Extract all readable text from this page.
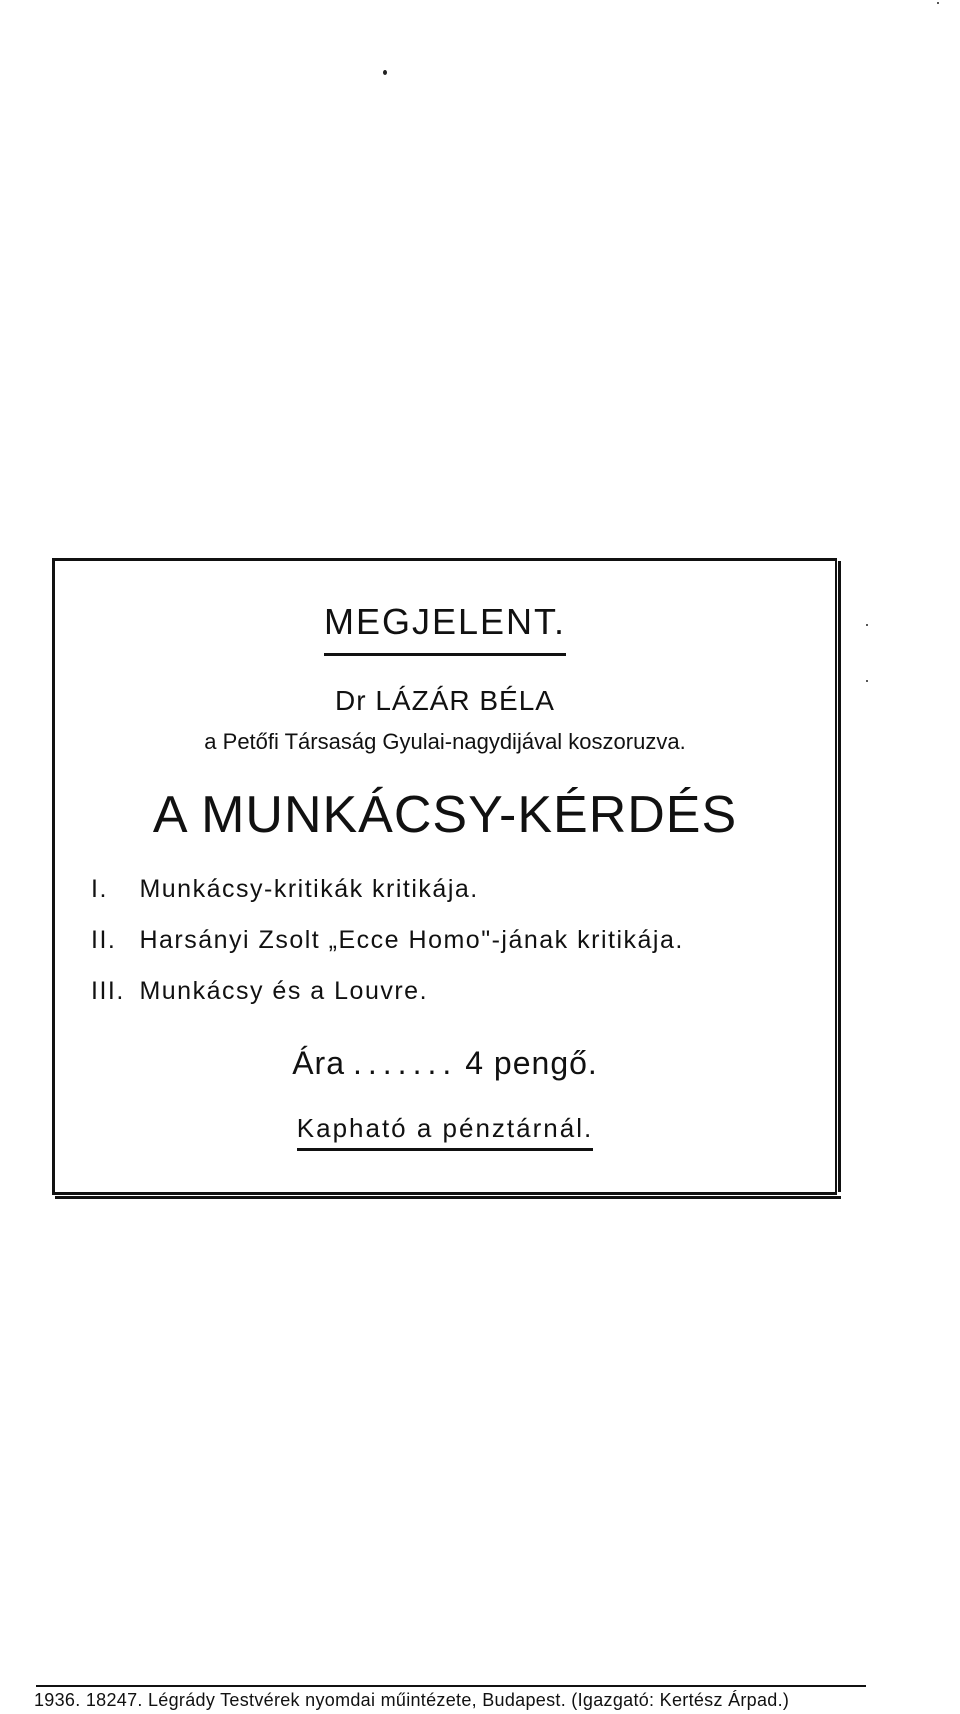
MEGJELENT.
Dr LÁZÁR BÉLA
a Petőfi Társaság Gyulai-nagydijával koszoruzva.
A MUNKÁCSY-KÉRDÉS
I. Munkácsy-kritikák kritikája.
II. Harsányi Zsolt „Ecce Homo"-jának kritikája.
III. Munkácsy és a Louvre.
Ára ....... 4 pengő.
Kapható a pénztárnál.
1936. 18247. Légrády Testvérek nyomdai műintézete, Budapest. (Igazgató: Kertész Árpad.)
